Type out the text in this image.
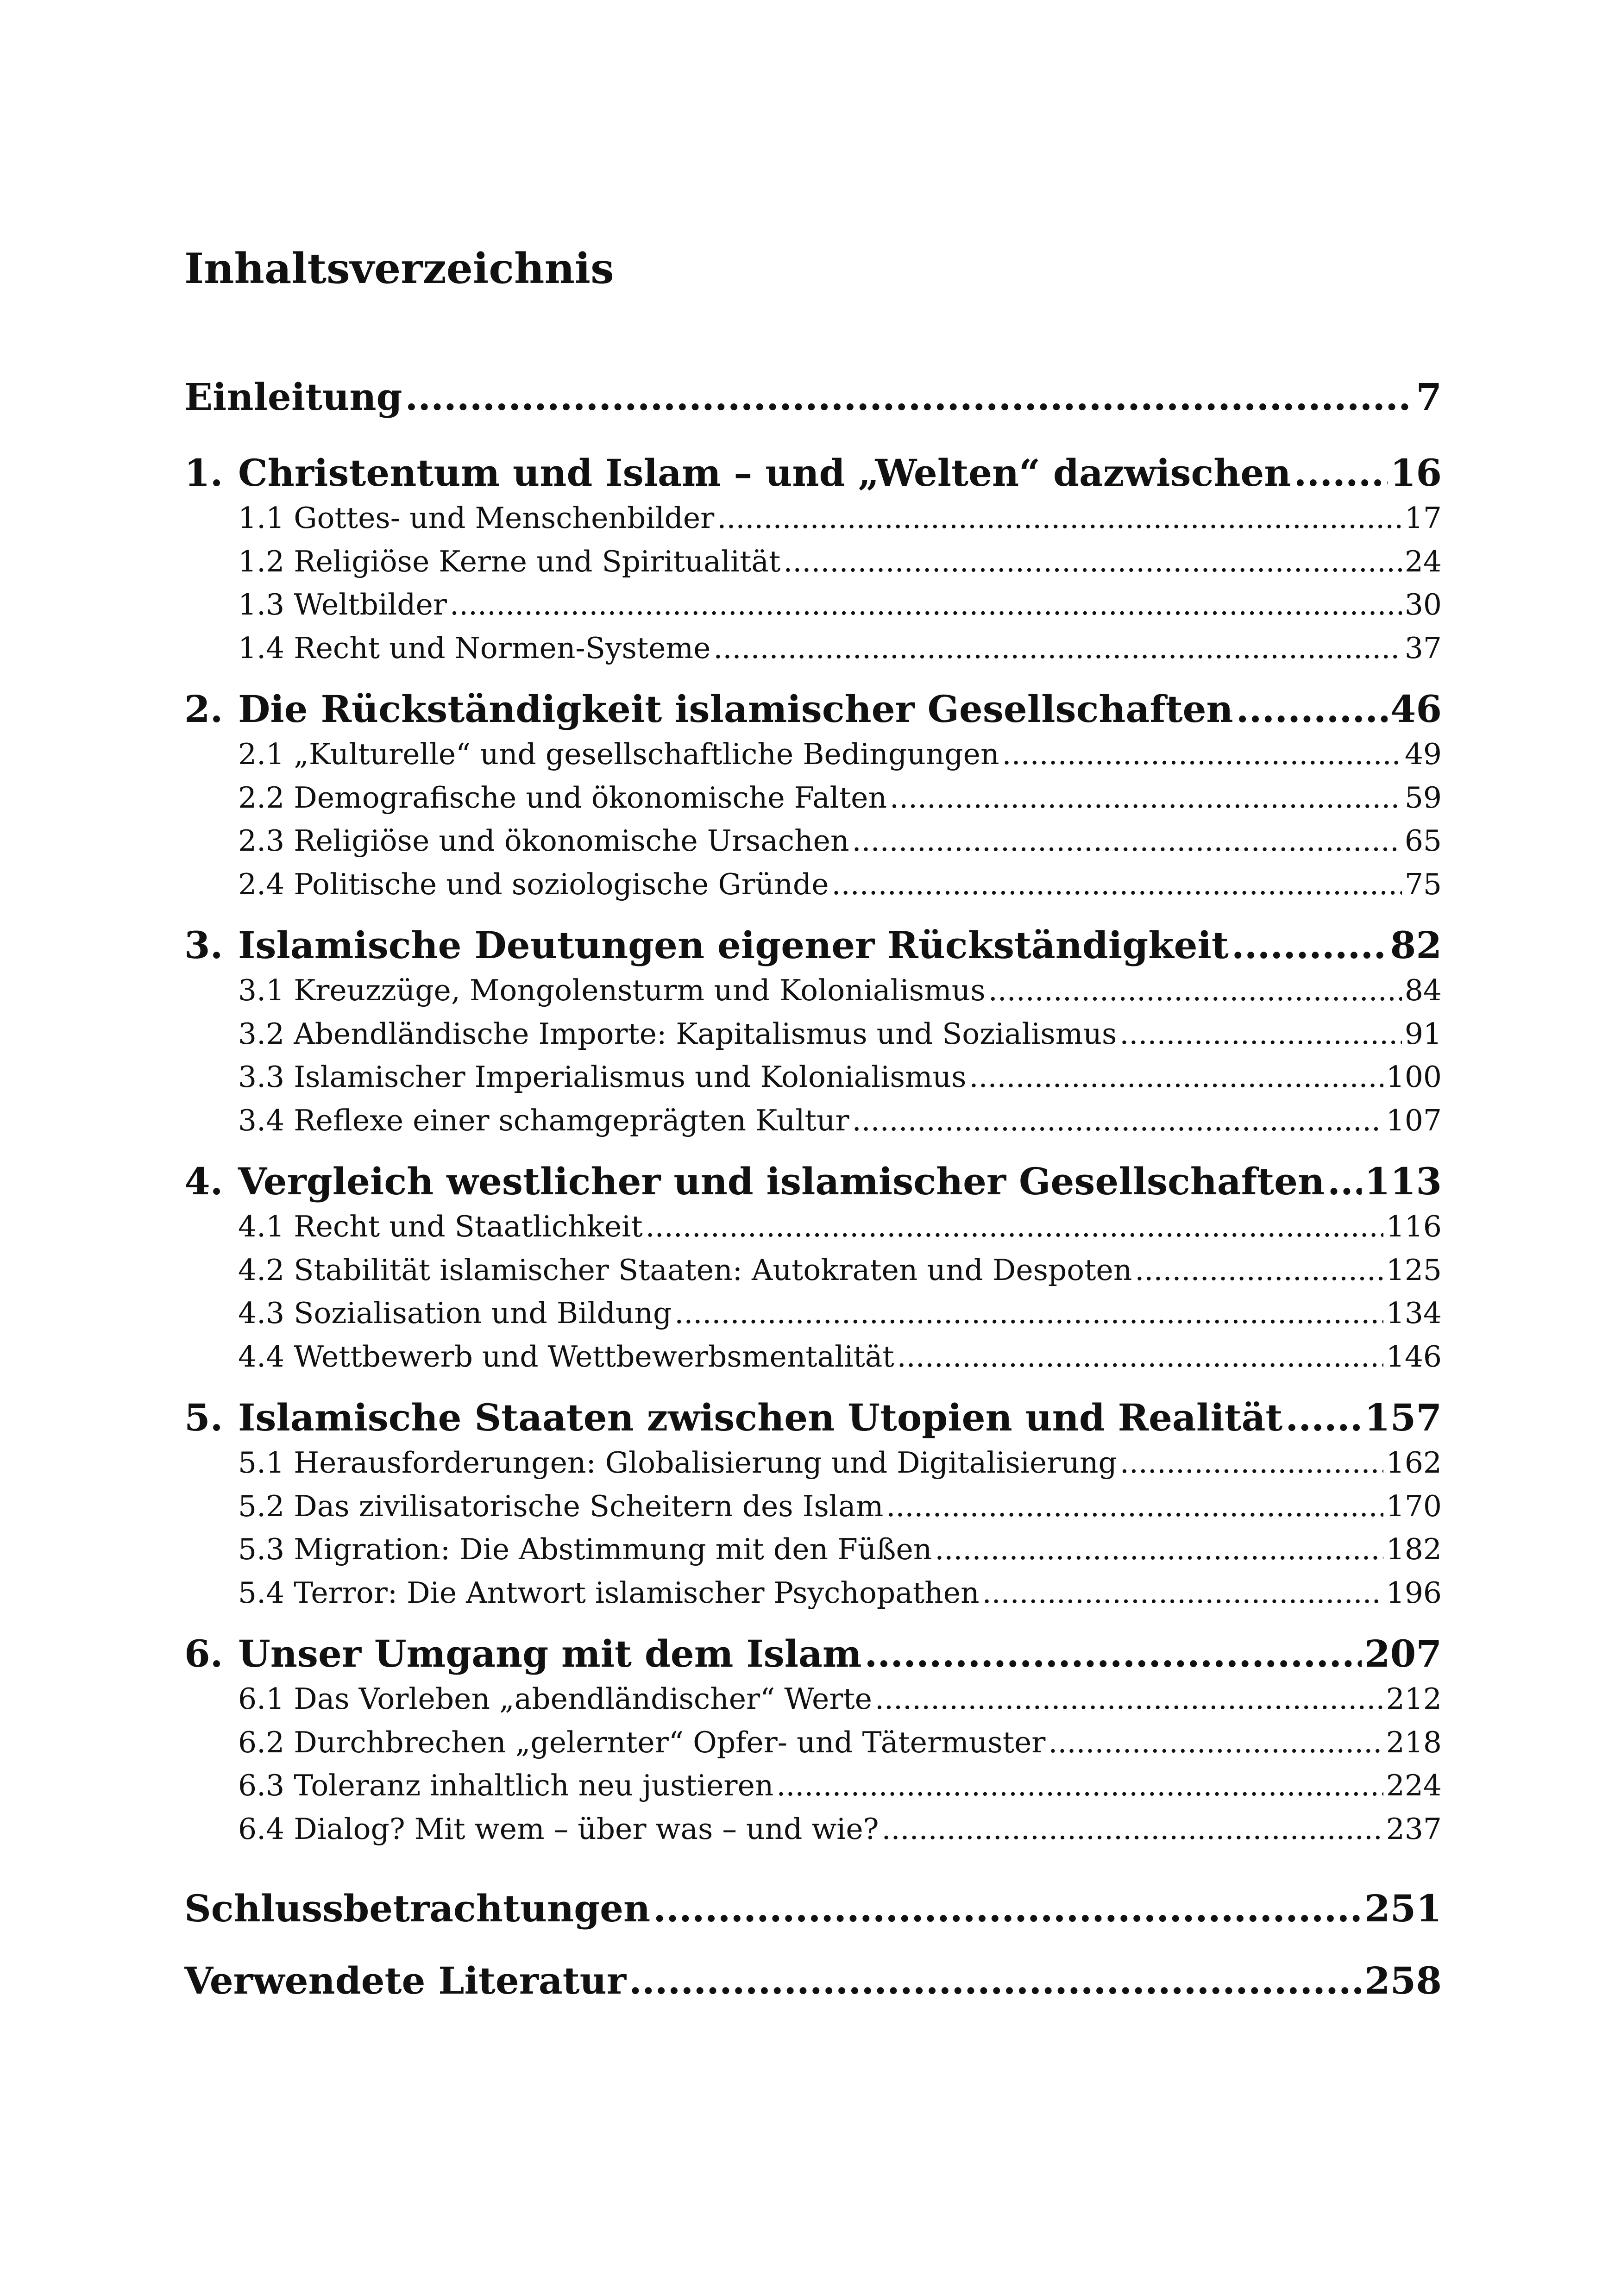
Inhaltsverzeichnis
Einleitung .....	7
1. Christentum und Islam – und „Welten“ dazwischen .....	16
1.1 Gottes- und Menschenbilder .....	17
1.2 Religiöse Kerne und Spiritualität .....	24
1.3 Weltbilder .....	30
1.4 Recht und Normen-Systeme .....	37
2. Die Rückständigkeit islamischer Gesellschaften .....	46
2.1 „Kulturelle“ und gesellschaftliche Bedingungen .....	49
2.2 Demografische und ökonomische Falten .....	59
2.3 Religiöse und ökonomische Ursachen .....	65
2.4 Politische und soziologische Gründe .....	75
3. Islamische Deutungen eigener Rückständigkeit .....	82
3.1 Kreuzzüge, Mongolensturm und Kolonialismus .....	84
3.2 Abendländische Importe: Kapitalismus und Sozialismus .....	91
3.3 Islamischer Imperialismus und Kolonialismus .....	100
3.4 Reflexe einer schamgeprägten Kultur .....	107
4. Vergleich westlicher und islamischer Gesellschaften ..... 113
4.1 Recht und Staatlichkeit .....	116
4.2 Stabilität islamischer Staaten: Autokraten und Despoten .....	125
4.3 Sozialisation und Bildung .....	134
4.4 Wettbewerb und Wettbewerbsmentalität .....	146
5. Islamische Staaten zwischen Utopien und Realität ..... 157
5.1 Herausforderungen: Globalisierung und Digitalisierung .....	162
5.2 Das zivilisatorische Scheitern des Islam .....	170
5.3 Migration: Die Abstimmung mit den Füßen .....	182
5.4 Terror: Die Antwort islamischer Psychopathen .....	196
6. Unser Umgang mit dem Islam .....	207
6.1 Das Vorleben „abendländischer“ Werte .....	212
6.2 Durchbrechen „gelernter“ Opfer- und Tätermuster .....	218
6.3 Toleranz inhaltlich neu justieren .....	224
6.4 Dialog? Mit wem – über was – und wie? .....	237
Schlussbetrachtungen .....	251
Verwendete Literatur .....	258
